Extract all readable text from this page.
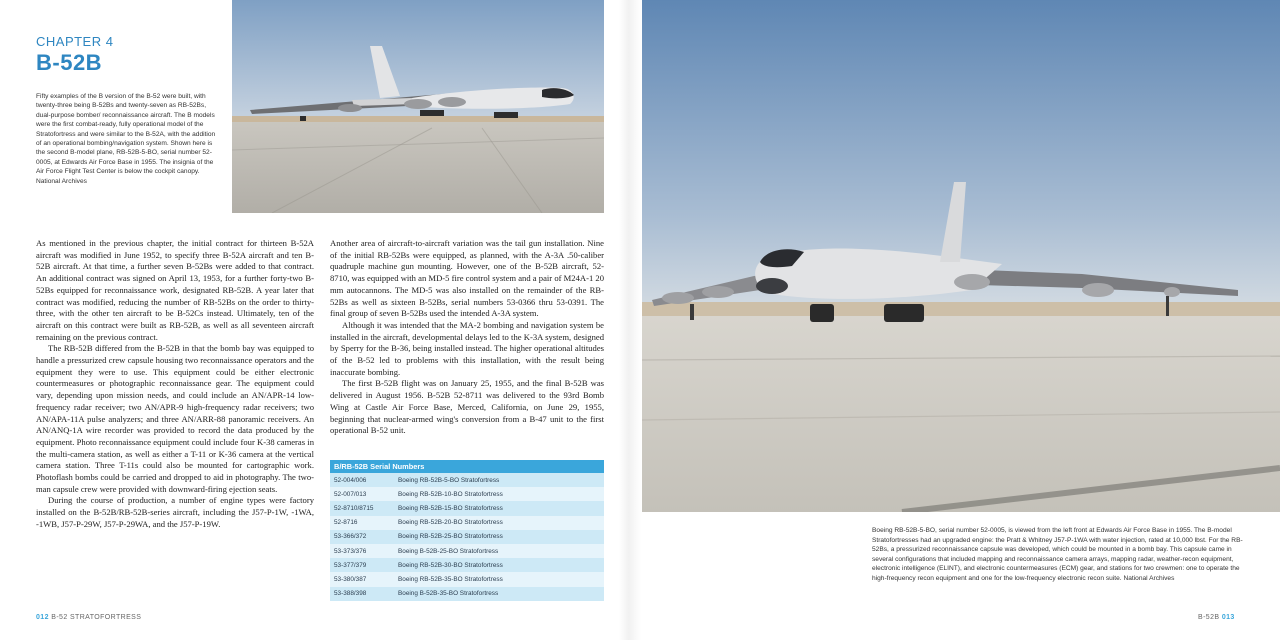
CHAPTER 4
B-52B
Fifty examples of the B version of the B-52 were built, with twenty-three being B-52Bs and twenty-seven as RB-52Bs, dual-purpose bomber/ reconnaissance aircraft. The B models were the first combat-ready, fully operational model of the Stratofortress and were similar to the B-52A, with the addition of an operational bombing/navigation system. Shown here is the second B-model plane, RB-52B-5-BO, serial number 52-0005, at Edwards Air Force Base in 1955. The insignia of the Air Force Flight Test Center is below the cockpit canopy. National Archives

As mentioned in the previous chapter, the initial contract for thirteen B-52A aircraft was modified in June 1952, to specify three B-52A aircraft and ten B-52B aircraft. At that time, a further seven B-52Bs were added to that contract. An additional contract was signed on April 13, 1953, for a further forty-two B-52Bs equipped for reconnaissance work, designated RB-52B. A year later that contract was modified, reducing the number of RB-52Bs on the order to thirty-three, with the other ten aircraft to be B-52Cs instead. Ultimately, ten of the aircraft on this contract were built as RB-52B, as well as all seventeen aircraft remaining on the previous contract.

The RB-52B differed from the B-52B in that the bomb bay was equipped to handle a pressurized crew capsule housing two reconnaissance operators and the equipment they were to use. This equipment could be either electronic countermeasures or photographic reconnaissance gear. The equipment could vary, depending upon mission needs, and could include an AN/APR-14 low-frequency radar receiver; two AN/APR-9 high-frequency radar receivers; two AN/APA-11A pulse analyzers; and three AN/ARR-88 panoramic receivers. An AN/ANQ-1A wire recorder was provided to record the data produced by the equipment. Photo reconnaissance equipment could include four K-38 cameras in the multi-camera station, as well as either a T-11 or K-36 camera at the vertical camera station. Three T-11s could also be mounted for cartographic work. Photoflash bombs could be carried and dropped to aid in photography. The two-man capsule crew were provided with downward-firing ejection seats.

During the course of production, a number of engine types were factory installed on the B-52B/RB-52B-series aircraft, including the J57-P-1W, -1WA, -1WB, J57-P-29W, J57-P-29WA, and the J57-P-19W.

Another area of aircraft-to-aircraft variation was the tail gun installation. Nine of the initial RB-52Bs were equipped, as planned, with the A-3A .50-caliber quadruple machine gun mounting. However, one of the B-52B aircraft, 52-8710, was equipped with an MD-5 fire control system and a pair of M24A-1 20 mm autocannons. The MD-5 was also installed on the remainder of the RB-52Bs as well as sixteen B-52Bs, serial numbers 53-0366 thru 53-0391. The final group of seven B-52Bs used the intended A-3A system.

Although it was intended that the MA-2 bombing and navigation system be installed in the aircraft, developmental delays led to the K-3A system, designed by Sperry for the B-36, being installed instead. The higher operational altitudes of the B-52 led to problems with this installation, with the result being inaccurate bombing.

The first B-52B flight was on January 25, 1955, and the final B-52B was delivered in August 1956. B-52B 52-8711 was delivered to the 93rd Bomb Wing at Castle Air Force Base, Merced, California, on June 29, 1955, beginning that nuclear-armed wing's conversion from a B-47 unit to the first operational B-52 unit.

B/RB-52B Serial Numbers	
52-004/006	Boeing RB-52B-5-BO Stratofortress
52-007/013	Boeing RB-52B-10-BO Stratofortress
52-8710/8715	Boeing RB-52B-15-BO Stratofortress
52-8716	Boeing RB-52B-20-BO Stratofortress
53-366/372	Boeing RB-52B-25-BO Stratofortress
53-373/376	Boeing B-52B-25-BO Stratofortress
53-377/379	Boeing RB-52B-30-BO Stratofortress
53-380/387	Boeing RB-52B-35-BO Stratofortress
53-388/398	Boeing B-52B-35-BO Stratofortress
Boeing RB-52B-5-BO, serial number 52-0005, is viewed from the left front at Edwards Air Force Base in 1955. The B-model Stratofortresses had an upgraded engine: the Pratt & Whitney J57-P-1WA with water injection, rated at 10,000 lbst. For the RB-52Bs, a pressurized reconnaissance capsule was developed, which could be mounted in a bomb bay. This capsule came in several configurations that included mapping and reconnaissance camera arrays, mapping radar, weather-recon equipment, electronic intelligence (ELINT), and electronic countermeasures (ECM) gear, and stations for two crewmen: one to operate the high-frequency recon equipment and one for the low-frequency electronic recon suite. National Archives
012 B-52 STRATOFORTRESS	B-52B 013
